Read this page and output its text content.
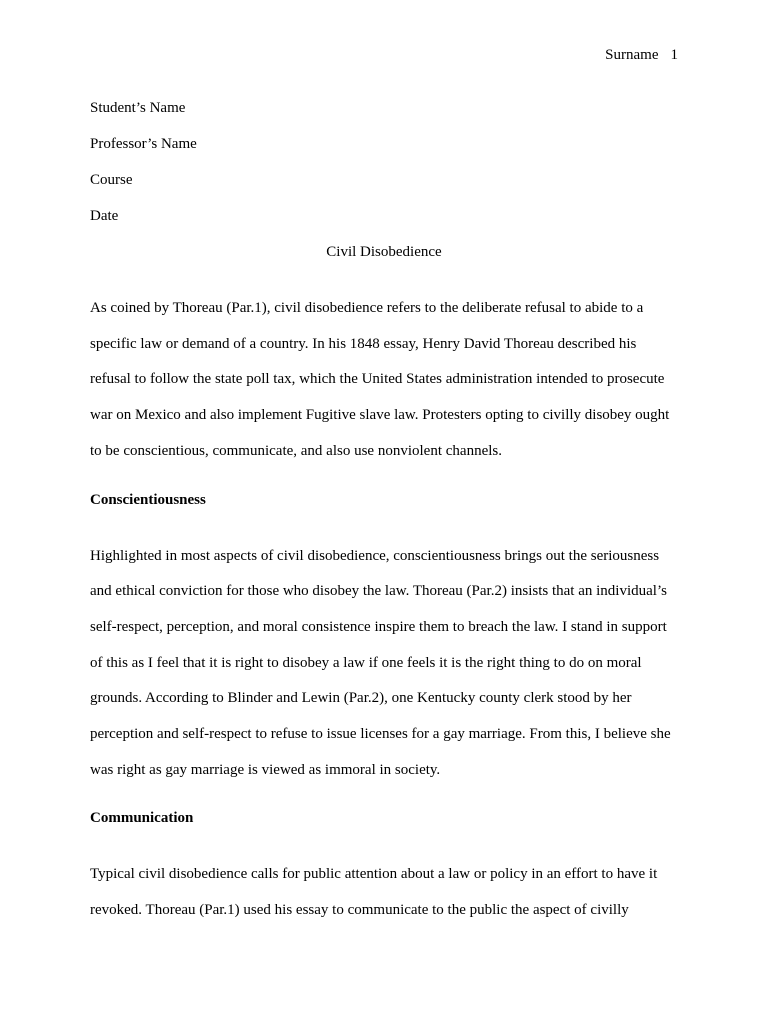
Surname 1

Student’s Name

Professor’s Name

Course

Date

Civil Disobedience

As coined by Thoreau (Par.1), civil disobedience refers to the deliberate refusal to abide to a specific law or demand of a country. In his 1848 essay, Henry David Thoreau described his refusal to follow the state poll tax, which the United States administration intended to prosecute war on Mexico and also implement Fugitive slave law. Protesters opting to civilly disobey ought to be conscientious, communicate, and also use nonviolent channels.

Conscientiousness

Highlighted in most aspects of civil disobedience, conscientiousness brings out the seriousness and ethical conviction for those who disobey the law. Thoreau (Par.2) insists that an individual’s self-respect, perception, and moral consistence inspire them to breach the law. I stand in support of this as I feel that it is right to disobey a law if one feels it is the right thing to do on moral grounds. According to Blinder and Lewin (Par.2), one Kentucky county clerk stood by her perception and self-respect to refuse to issue licenses for a gay marriage. From this, I believe she was right as gay marriage is viewed as immoral in society.

Communication

Typical civil disobedience calls for public attention about a law or policy in an effort to have it revoked. Thoreau (Par.1) used his essay to communicate to the public the aspect of civilly
